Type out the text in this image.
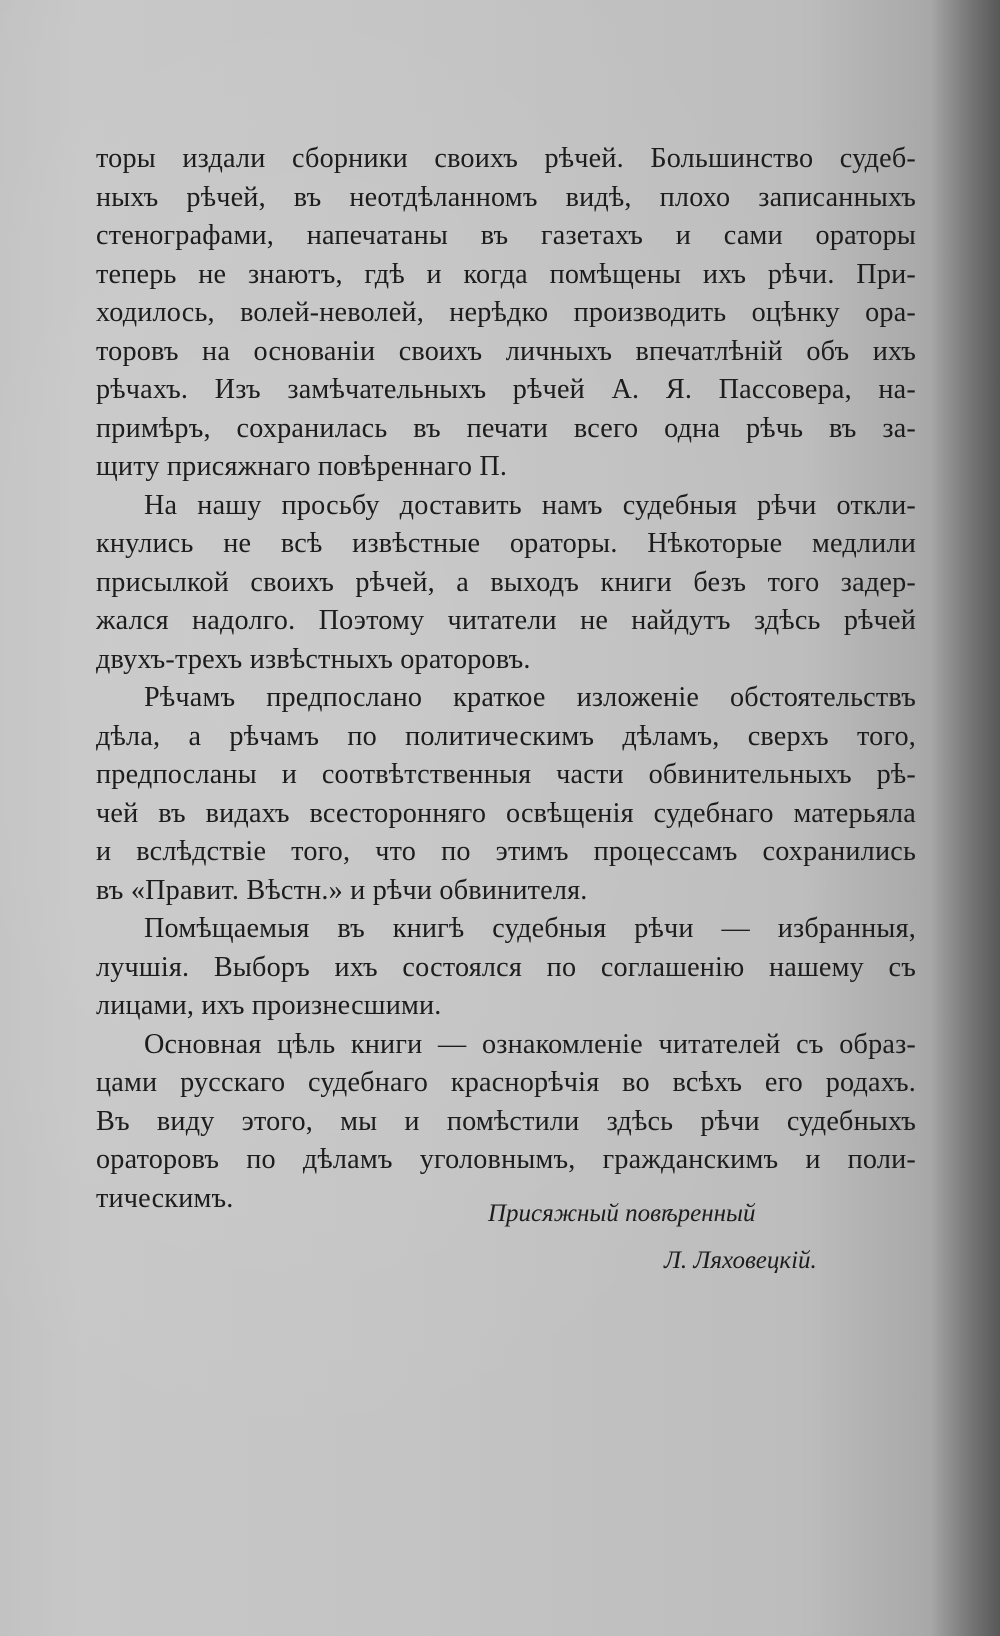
торы издали сборники своихъ рѣчей. Большинство судеб-
ныхъ рѣчей, въ неотдѣланномъ видѣ, плохо записанныхъ
стенографами, напечатаны въ газетахъ и сами ораторы
теперь не знаютъ, гдѣ и когда помѣщены ихъ рѣчи. При-
ходилось, волей-неволей, нерѣдко производить оцѣнку ора-
торовъ на основаніи своихъ личныхъ впечатлѣній объ ихъ
рѣчахъ. Изъ замѣчательныхъ рѣчей А. Я. Пассовера, на-
примѣръ, сохранилась въ печати всего одна рѣчь въ за-
щиту присяжнаго повѣреннаго П.
На нашу просьбу доставить намъ судебныя рѣчи откли-
кнулись не всѣ извѣстные ораторы. Нѣкоторые медлили
присылкой своихъ рѣчей, а выходъ книги безъ того задер-
жался надолго. Поэтому читатели не найдутъ здѣсь рѣчей
двухъ-трехъ извѣстныхъ ораторовъ.
Рѣчамъ предпослано краткое изложеніе обстоятельствъ
дѣла, а рѣчамъ по политическимъ дѣламъ, сверхъ того,
предпосланы и соотвѣтственныя части обвинительныхъ рѣ-
чей въ видахъ всесторонняго освѣщенія судебнаго матерьяла
и вслѣдствіе того, что по этимъ процессамъ сохранились
въ «Правит. Вѣстн.» и рѣчи обвинителя.
Помѣщаемыя въ книгѣ судебныя рѣчи — избранныя,
лучшія. Выборъ ихъ состоялся по соглашенію нашему съ
лицами, ихъ произнесшими.
Основная цѣль книги — ознакомленіе читателей съ образ-
цами русскаго судебнаго краснорѣчія во всѣхъ его родахъ.
Въ виду этого, мы и помѣстили здѣсь рѣчи судебныхъ
ораторовъ по дѣламъ уголовнымъ, гражданскимъ и поли-
тическимъ.	Присяжный повѣренный
Л. Ляховецкій.
